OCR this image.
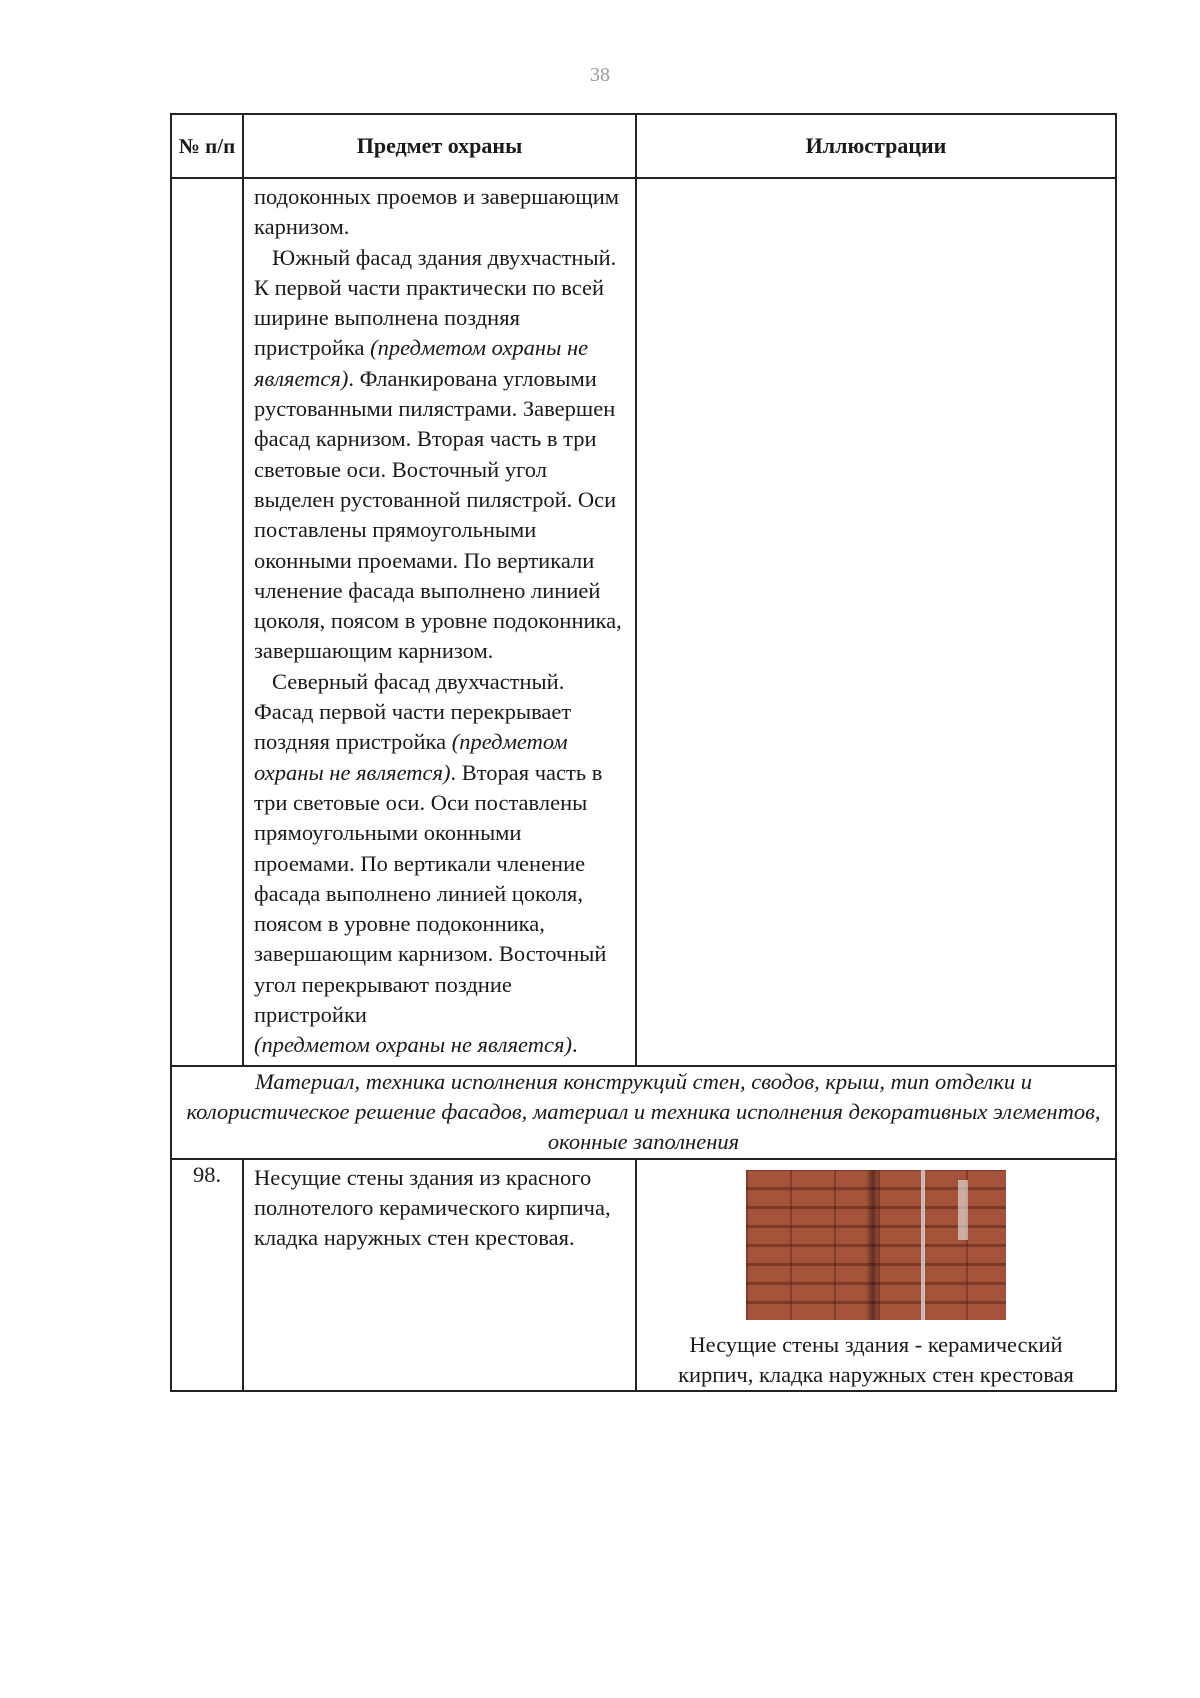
38
№ п/п	Предмет охраны	Иллюстрации

	подоконных проемов и завершающим карнизом.
Южный фасад здания двухчастный. К первой части практически по всей ширине выполнена поздняя пристройка (предметом охраны не является). Фланкирована угловыми рустованными пилястрами. Завершен фасад карнизом. Вторая часть в три световые оси. Восточный угол выделен рустованной пилястрой. Оси поставлены прямоугольными оконными проемами. По вертикали членение фасада выполнено линией цоколя, поясом в уровне подоконника, завершающим карнизом.
Северный фасад двухчастный. Фасад первой части перекрывает поздняя пристройка (предметом охраны не является). Вторая часть в три световые оси. Оси поставлены прямоугольными оконными проемами. По вертикали членение фасада выполнено линией цоколя, поясом в уровне подоконника, завершающим карнизом. Восточный угол перекрывают поздние пристройки
(предметом охраны не является).	

Материал, техника исполнения конструкций стен, сводов, крыш, тип отделки и колористическое решение фасадов, материал и техника исполнения декоративных элементов, оконные заполнения		
98.	Несущие стены здания из красного полнотелого керамического кирпича, кладка наружных стен крестовая.	Несущие стены здания - керамический кирпич, кладка наружных стен крестовая
